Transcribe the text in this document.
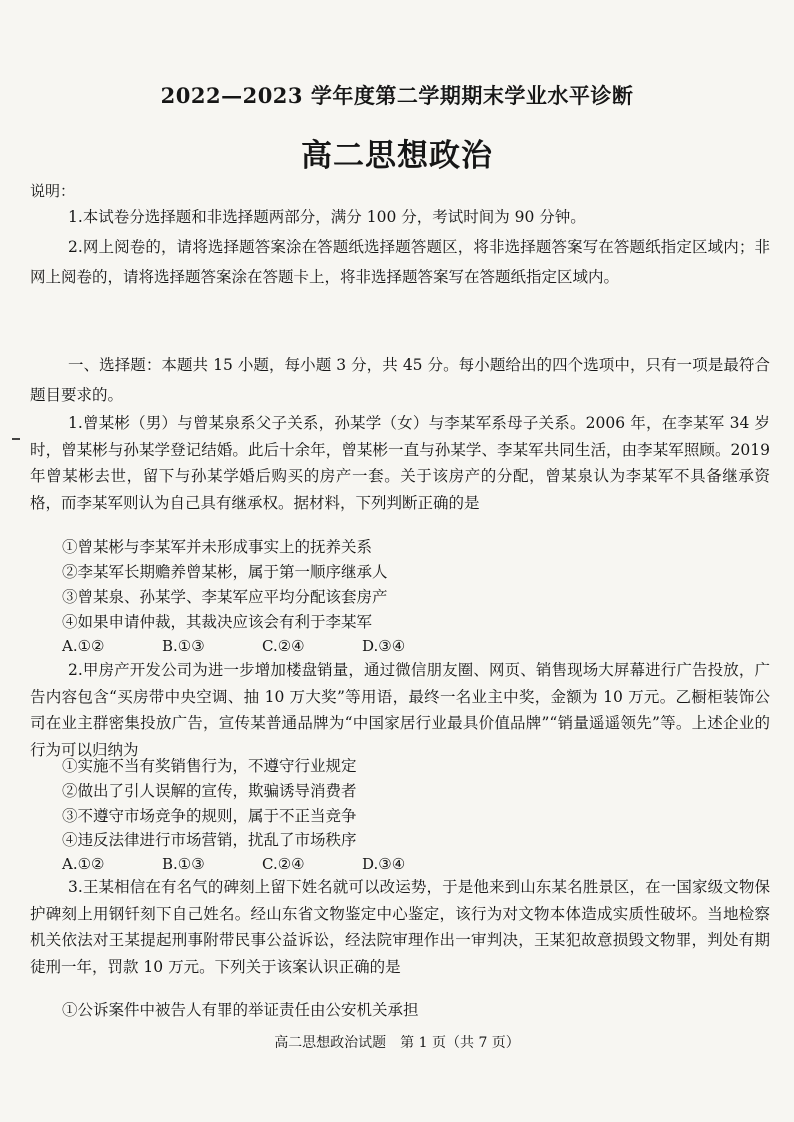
2022—2023 学年度第二学期期末学业水平诊断
高二思想政治
说明：
1.本试卷分选择题和非选择题两部分，满分 100 分，考试时间为 90 分钟。
2.网上阅卷的，请将选择题答案涂在答题纸选择题答题区，将非选择题答案写在答题纸指定区域内；非网上阅卷的，请将选择题答案涂在答题卡上，将非选择题答案写在答题纸指定区域内。
一、选择题：本题共 15 小题，每小题 3 分，共 45 分。每小题给出的四个选项中，只有一项是最符合题目要求的。
1.曾某彬（男）与曾某泉系父子关系，孙某学（女）与李某军系母子关系。2006 年，在李某军 34 岁时，曾某彬与孙某学登记结婚。此后十余年，曾某彬一直与孙某学、李某军共同生活，由李某军照顾。2019 年曾某彬去世，留下与孙某学婚后购买的房产一套。关于该房产的分配，曾某泉认为李某军不具备继承资格，而李某军则认为自己具有继承权。据材料，下列判断正确的是
①曾某彬与李某军并未形成事实上的抚养关系
②李某军长期赡养曾某彬，属于第一顺序继承人
③曾某泉、孙某学、李某军应平均分配该套房产
④如果申请仲裁，其裁决应该会有利于李某军
A.①②	B.①③	C.②④	D.③④
2.甲房产开发公司为进一步增加楼盘销量，通过微信朋友圈、网页、销售现场大屏幕进行广告投放，广告内容包含“买房带中央空调、抽 10 万大奖”等用语，最终一名业主中奖，金额为 10 万元。乙橱柜装饰公司在业主群密集投放广告，宣传某普通品牌为“中国家居行业最具价值品牌”“销量遥遥领先”等。上述企业的行为可以归纳为
①实施不当有奖销售行为，不遵守行业规定
②做出了引人误解的宣传，欺骗诱导消费者
③不遵守市场竞争的规则，属于不正当竞争
④违反法律进行市场营销，扰乱了市场秩序
A.①②	B.①③	C.②④	D.③④
3.王某相信在有名气的碑刻上留下姓名就可以改运势，于是他来到山东某名胜景区，在一国家级文物保护碑刻上用钢钎刻下自己姓名。经山东省文物鉴定中心鉴定，该行为对文物本体造成实质性破坏。当地检察机关依法对王某提起刑事附带民事公益诉讼，经法院审理作出一审判决，王某犯故意损毁文物罪，判处有期徒刑一年，罚款 10 万元。下列关于该案认识正确的是
①公诉案件中被告人有罪的举证责任由公安机关承担
高二思想政治试题　第 1 页（共 7 页）
